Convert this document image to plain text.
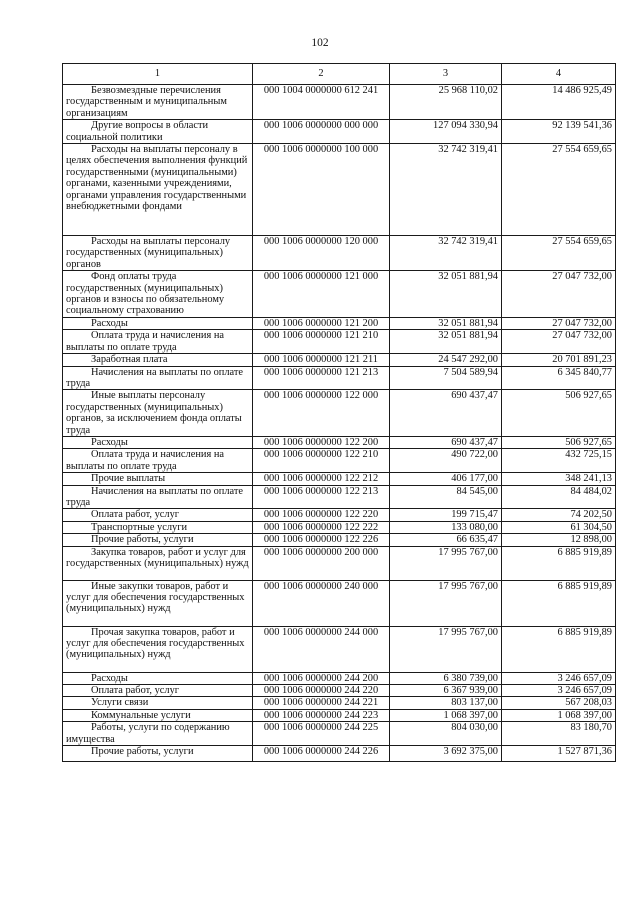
102
1	2	3	4
Безвозмездные перечисления государственным и муниципальным организациям	000 1004 0000000 612 241	25 968 110,02	14 486 925,49
Другие вопросы в области социальной политики	000 1006 0000000 000 000	127 094 330,94	92 139 541,36
Расходы на выплаты персоналу в целях обеспечения выполнения функций государственными (муниципальными) органами, казенными учреждениями, органами управления государственными внебюджетными фондами	000 1006 0000000 100 000	32 742 319,41	27 554 659,65
Расходы на выплаты персоналу государственных (муниципальных) органов	000 1006 0000000 120 000	32 742 319,41	27 554 659,65
Фонд оплаты труда государственных (муниципальных) органов и взносы по обязательному социальному страхованию	000 1006 0000000 121 000	32 051 881,94	27 047 732,00
Расходы	000 1006 0000000 121 200	32 051 881,94	27 047 732,00
Оплата труда и начисления на выплаты по оплате труда	000 1006 0000000 121 210	32 051 881,94	27 047 732,00
Заработная плата	000 1006 0000000 121 211	24 547 292,00	20 701 891,23
Начисления на выплаты по оплате труда	000 1006 0000000 121 213	7 504 589,94	6 345 840,77
Иные выплаты персоналу государственных (муниципальных) органов, за исключением фонда оплаты труда	000 1006 0000000 122 000	690 437,47	506 927,65
Расходы	000 1006 0000000 122 200	690 437,47	506 927,65
Оплата труда и начисления на выплаты по оплате труда	000 1006 0000000 122 210	490 722,00	432 725,15
Прочие выплаты	000 1006 0000000 122 212	406 177,00	348 241,13
Начисления на выплаты по оплате труда	000 1006 0000000 122 213	84 545,00	84 484,02
Оплата работ, услуг	000 1006 0000000 122 220	199 715,47	74 202,50
Транспортные услуги	000 1006 0000000 122 222	133 080,00	61 304,50
Прочие работы, услуги	000 1006 0000000 122 226	66 635,47	12 898,00
Закупка товаров, работ и услуг для государственных (муниципальных) нужд	000 1006 0000000 200 000	17 995 767,00	6 885 919,89
Иные закупки товаров, работ и услуг для обеспечения государственных (муниципальных) нужд	000 1006 0000000 240 000	17 995 767,00	6 885 919,89
Прочая закупка товаров, работ и услуг для обеспечения государственных (муниципальных) нужд	000 1006 0000000 244 000	17 995 767,00	6 885 919,89
Расходы	000 1006 0000000 244 200	6 380 739,00	3 246 657,09
Оплата работ, услуг	000 1006 0000000 244 220	6 367 939,00	3 246 657,09
Услуги связи	000 1006 0000000 244 221	803 137,00	567 208,03
Коммунальные услуги	000 1006 0000000 244 223	1 068 397,00	1 068 397,00
Работы, услуги по содержанию имущества	000 1006 0000000 244 225	804 030,00	83 180,70
Прочие работы, услуги	000 1006 0000000 244 226	3 692 375,00	1 527 871,36
